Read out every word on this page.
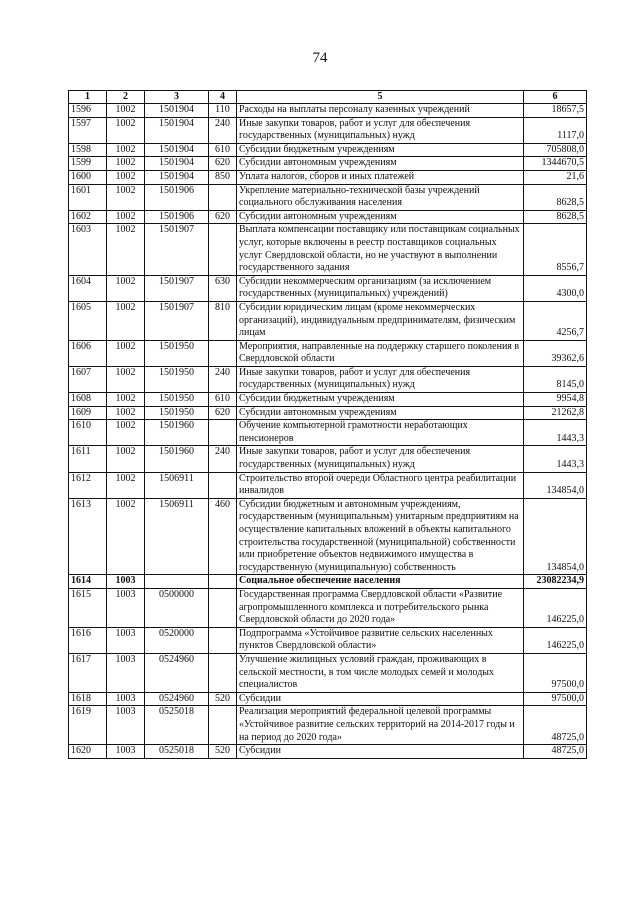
74
1	2	3	4	5	6
1596	1002	1501904	110	Расходы на выплаты персоналу казенных учреждений	18657,5
1597	1002	1501904	240	Иные закупки товаров, работ и услуг для обеспечения государственных (муниципальных) нужд	1117,0
1598	1002	1501904	610	Субсидии бюджетным учреждениям	705808,0
1599	1002	1501904	620	Субсидии автономным учреждениям	1344670,5
1600	1002	1501904	850	Уплата налогов, сборов и иных платежей	21,6
1601	1002	1501906		Укрепление материально-технической базы учреждений социального обслуживания населения	8628,5
1602	1002	1501906	620	Субсидии автономным учреждениям	8628,5
1603	1002	1501907		Выплата компенсации поставщику или поставщикам социальных услуг, которые включены в реестр поставщиков социальных услуг Свердловской области, но не участвуют в выполнении государственного задания	8556,7
1604	1002	1501907	630	Субсидии некоммерческим организациям (за исключением государственных (муниципальных) учреждений)	4300,0
1605	1002	1501907	810	Субсидии юридическим лицам (кроме некоммерческих организаций), индивидуальным предпринимателям, физическим лицам	4256,7
1606	1002	1501950		Мероприятия, направленные на поддержку старшего поколения в Свердловской области	39362,6
1607	1002	1501950	240	Иные закупки товаров, работ и услуг для обеспечения государственных (муниципальных) нужд	8145,0
1608	1002	1501950	610	Субсидии бюджетным учреждениям	9954,8
1609	1002	1501950	620	Субсидии автономным учреждениям	21262,8
1610	1002	1501960		Обучение компьютерной грамотности неработающих пенсионеров	1443,3
1611	1002	1501960	240	Иные закупки товаров, работ и услуг для обеспечения государственных (муниципальных) нужд	1443,3
1612	1002	1506911		Строительство второй очереди Областного центра реабилитации инвалидов	134854,0
1613	1002	1506911	460	Субсидии бюджетным и автономным учреждениям, государственным (муниципальным) унитарным предприятиям на осуществление капитальных вложений в объекты капитального строительства государственной (муниципальной) собственности или приобретение объектов недвижимого имущества в государственную (муниципальную) собственность	134854,0
1614	1003			Социальное обеспечение населения	23082234,9
1615	1003	0500000		Государственная программа Свердловской области «Развитие агропромышленного комплекса и потребительского рынка Свердловской области до 2020 года»	146225,0
1616	1003	0520000		Подпрограмма «Устойчивое развитие сельских населенных пунктов Свердловской области»	146225,0
1617	1003	0524960		Улучшение жилищных условий граждан, проживающих в сельской местности, в том числе молодых семей и молодых специалистов	97500,0
1618	1003	0524960	520	Субсидии	97500,0
1619	1003	0525018		Реализация мероприятий федеральной целевой программы «Устойчивое развитие сельских территорий на 2014-2017 годы и на период до 2020 года»	48725,0
1620	1003	0525018	520	Субсидии	48725,0
